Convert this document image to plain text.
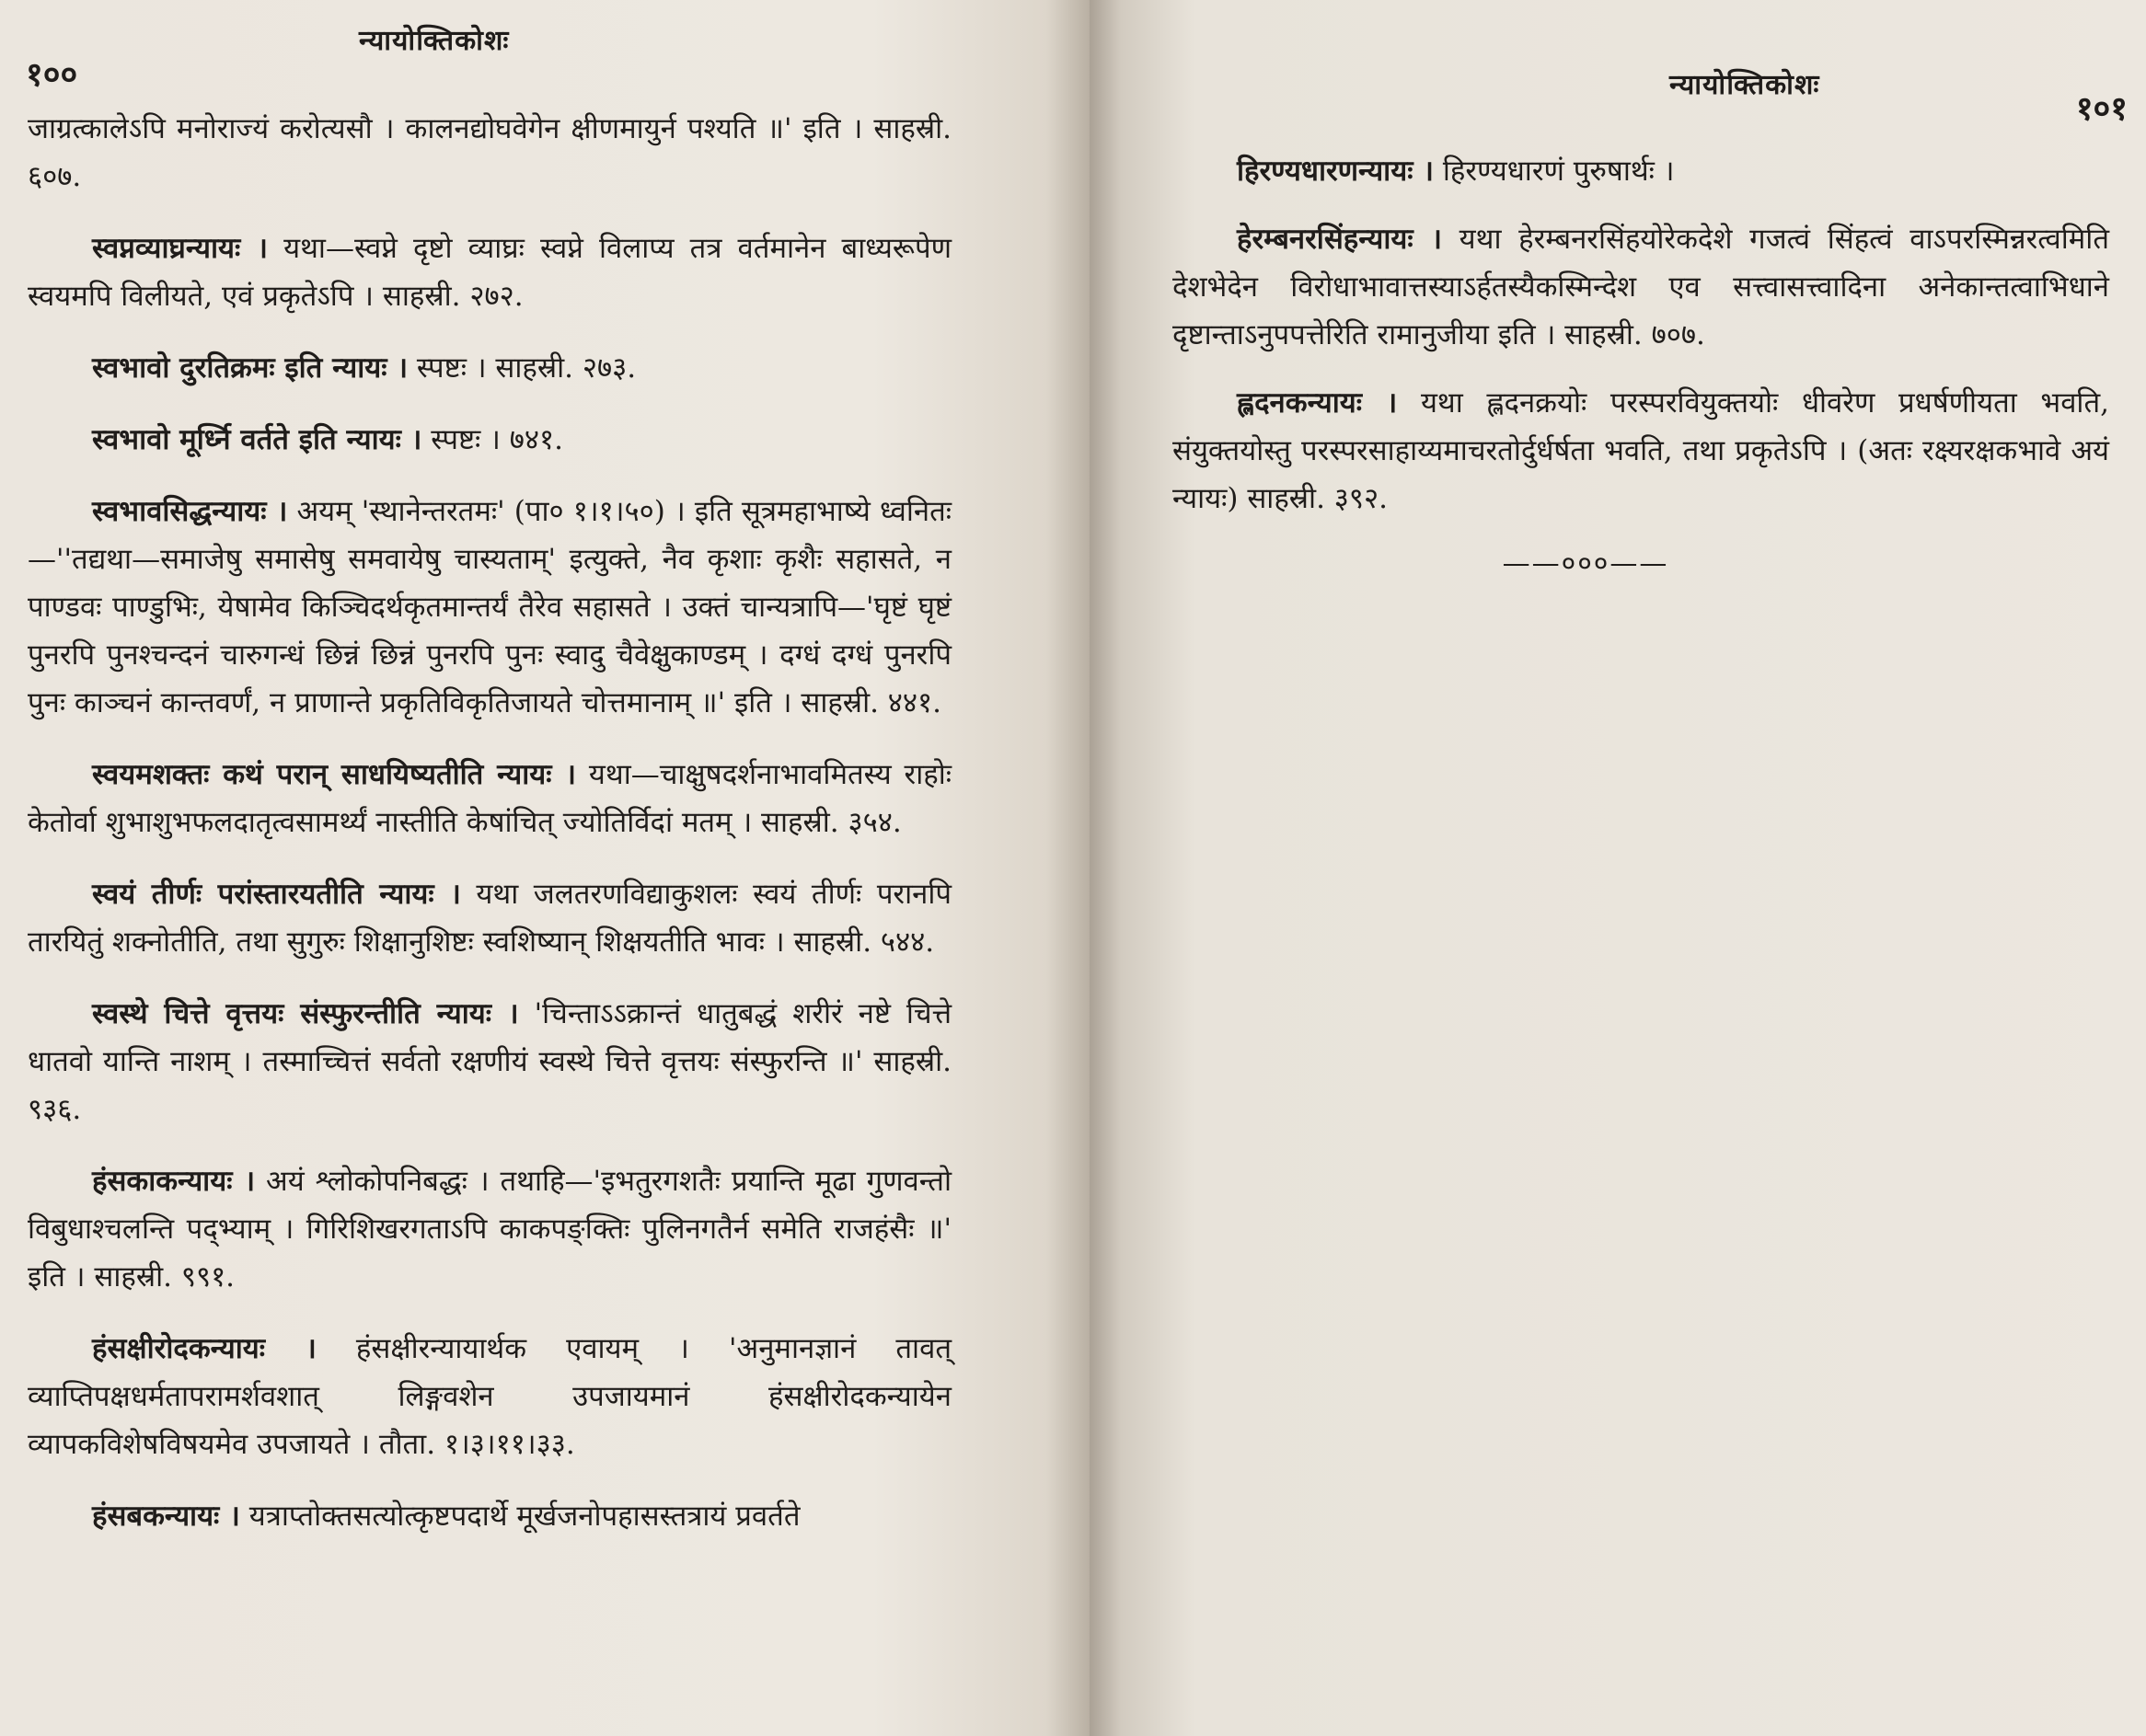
न्यायोक्तिकोशः
१००

जाग्रत्कालेऽपि मनोराज्यं करोत्यसौ । कालनद्योघवेगेन क्षीणमायुर्न पश्यति ॥' इति । साहस्री. ६०७.

स्वप्नव्याघ्रन्यायः । यथा—स्वप्ने दृष्टो व्याघ्रः स्वप्ने विलाप्य तत्र वर्तमानेन बाध्यरूपेण स्वयमपि विलीयते, एवं प्रकृतेऽपि । साहस्री. २७२.

स्वभावो दुरतिक्रमः इति न्यायः । स्पष्टः । साहस्री. २७३.

स्वभावो मूर्ध्नि वर्तते इति न्यायः । स्पष्टः । ७४१.

स्वभावसिद्धन्यायः । अयम् 'स्थानेन्तरतमः' (पा० १।१।५०) । इति सूत्रमहाभाष्ये ध्वनितः—''तद्यथा—समाजेषु समासेषु समवायेषु चास्यताम्' इत्युक्ते, नैव कृशाः कृशैः सहासते, न पाण्डवः पाण्डुभिः, येषामेव किञ्चिदर्थकृतमान्तर्यं तैरेव सहासते । उक्तं चान्यत्रापि—'घृष्टं घृष्टं पुनरपि पुनश्चन्दनं चारुगन्धं छिन्नं छिन्नं पुनरपि पुनः स्वादु चैवेक्षुकाण्डम् । दग्धं दग्धं पुनरपि पुनः काञ्चनं कान्तवर्णं, न प्राणान्ते प्रकृतिविकृतिजायते चोत्तमानाम् ॥' इति । साहस्री. ४४१.

स्वयमशक्तः कथं परान् साधयिष्यतीति न्यायः । यथा—चाक्षुषदर्शनाभावमितस्य राहोः केतोर्वा शुभाशुभफलदातृत्वसामर्थ्यं नास्तीति केषांचित् ज्योतिर्विदां मतम् । साहस्री. ३५४.

स्वयं तीर्णः परांस्तारयतीति न्यायः । यथा जलतरणविद्याकुशलः स्वयं तीर्णः परानपि तारयितुं शक्नोतीति, तथा सुगुरुः शिक्षानुशिष्टः स्वशिष्यान् शिक्षयतीति भावः । साहस्री. ५४४.

स्वस्थे चित्ते वृत्तयः संस्फुरन्तीति न्यायः । 'चिन्ताऽऽक्रान्तं धातुबद्धं शरीरं नष्टे चित्ते धातवो यान्ति नाशम् । तस्माच्चित्तं सर्वतो रक्षणीयं स्वस्थे चित्ते वृत्तयः संस्फुरन्ति ॥' साहस्री. ९३६.

हंसकाकन्यायः । अयं श्लोकोपनिबद्धः । तथाहि—'इभतुरगशतैः प्रयान्ति मूढा गुणवन्तो विबुधाश्चलन्ति पद्भ्याम् । गिरिशिखरगताऽपि काकपङ्क्तिः पुलिनगतैर्न समेति राजहंसैः ॥' इति । साहस्री. ९९१.

हंसक्षीरोदकन्यायः । हंसक्षीरन्यायार्थक एवायम् । 'अनुमानज्ञानं तावत् व्याप्तिपक्षधर्मतापरामर्शवशात् लिङ्गवशेन उपजायमानं हंसक्षीरोदकन्यायेन व्यापकविशेषविषयमेव उपजायते । तौता. १।३।११।३३.

हंसबकन्यायः । यत्राप्तोक्तसत्योत्कृष्टपदार्थे मूर्खजनोपहासस्तत्रायं प्रवर्तते

न्यायोक्तिकोशः
१०१

हिरण्यधारणन्यायः । हिरण्यधारणं पुरुषार्थः ।

हेरम्बनरसिंहन्यायः । यथा हेरम्बनरसिंहयोरेकदेशे गजत्वं सिंहत्वं वाऽपरस्मिन्नरत्वमिति देशभेदेन विरोधाभावात्तस्याऽर्हतस्यैकस्मिन्देश एव सत्त्वासत्त्वादिना अनेकान्तत्वाभिधाने दृष्टान्ताऽनुपपत्तेरिति रामानुजीया इति । साहस्री. ७०७.

ह्लदनकन्यायः । यथा ह्लदनक्रयोः परस्परवियुक्तयोः धीवरेण प्रधर्षणीयता भवति, संयुक्तयोस्तु परस्परसाहाय्यमाचरतोर्दुर्धर्षता भवति, तथा प्रकृतेऽपि । (अतः रक्ष्यरक्षकभावे अयं न्यायः) साहस्री. ३९२.

——०००——
